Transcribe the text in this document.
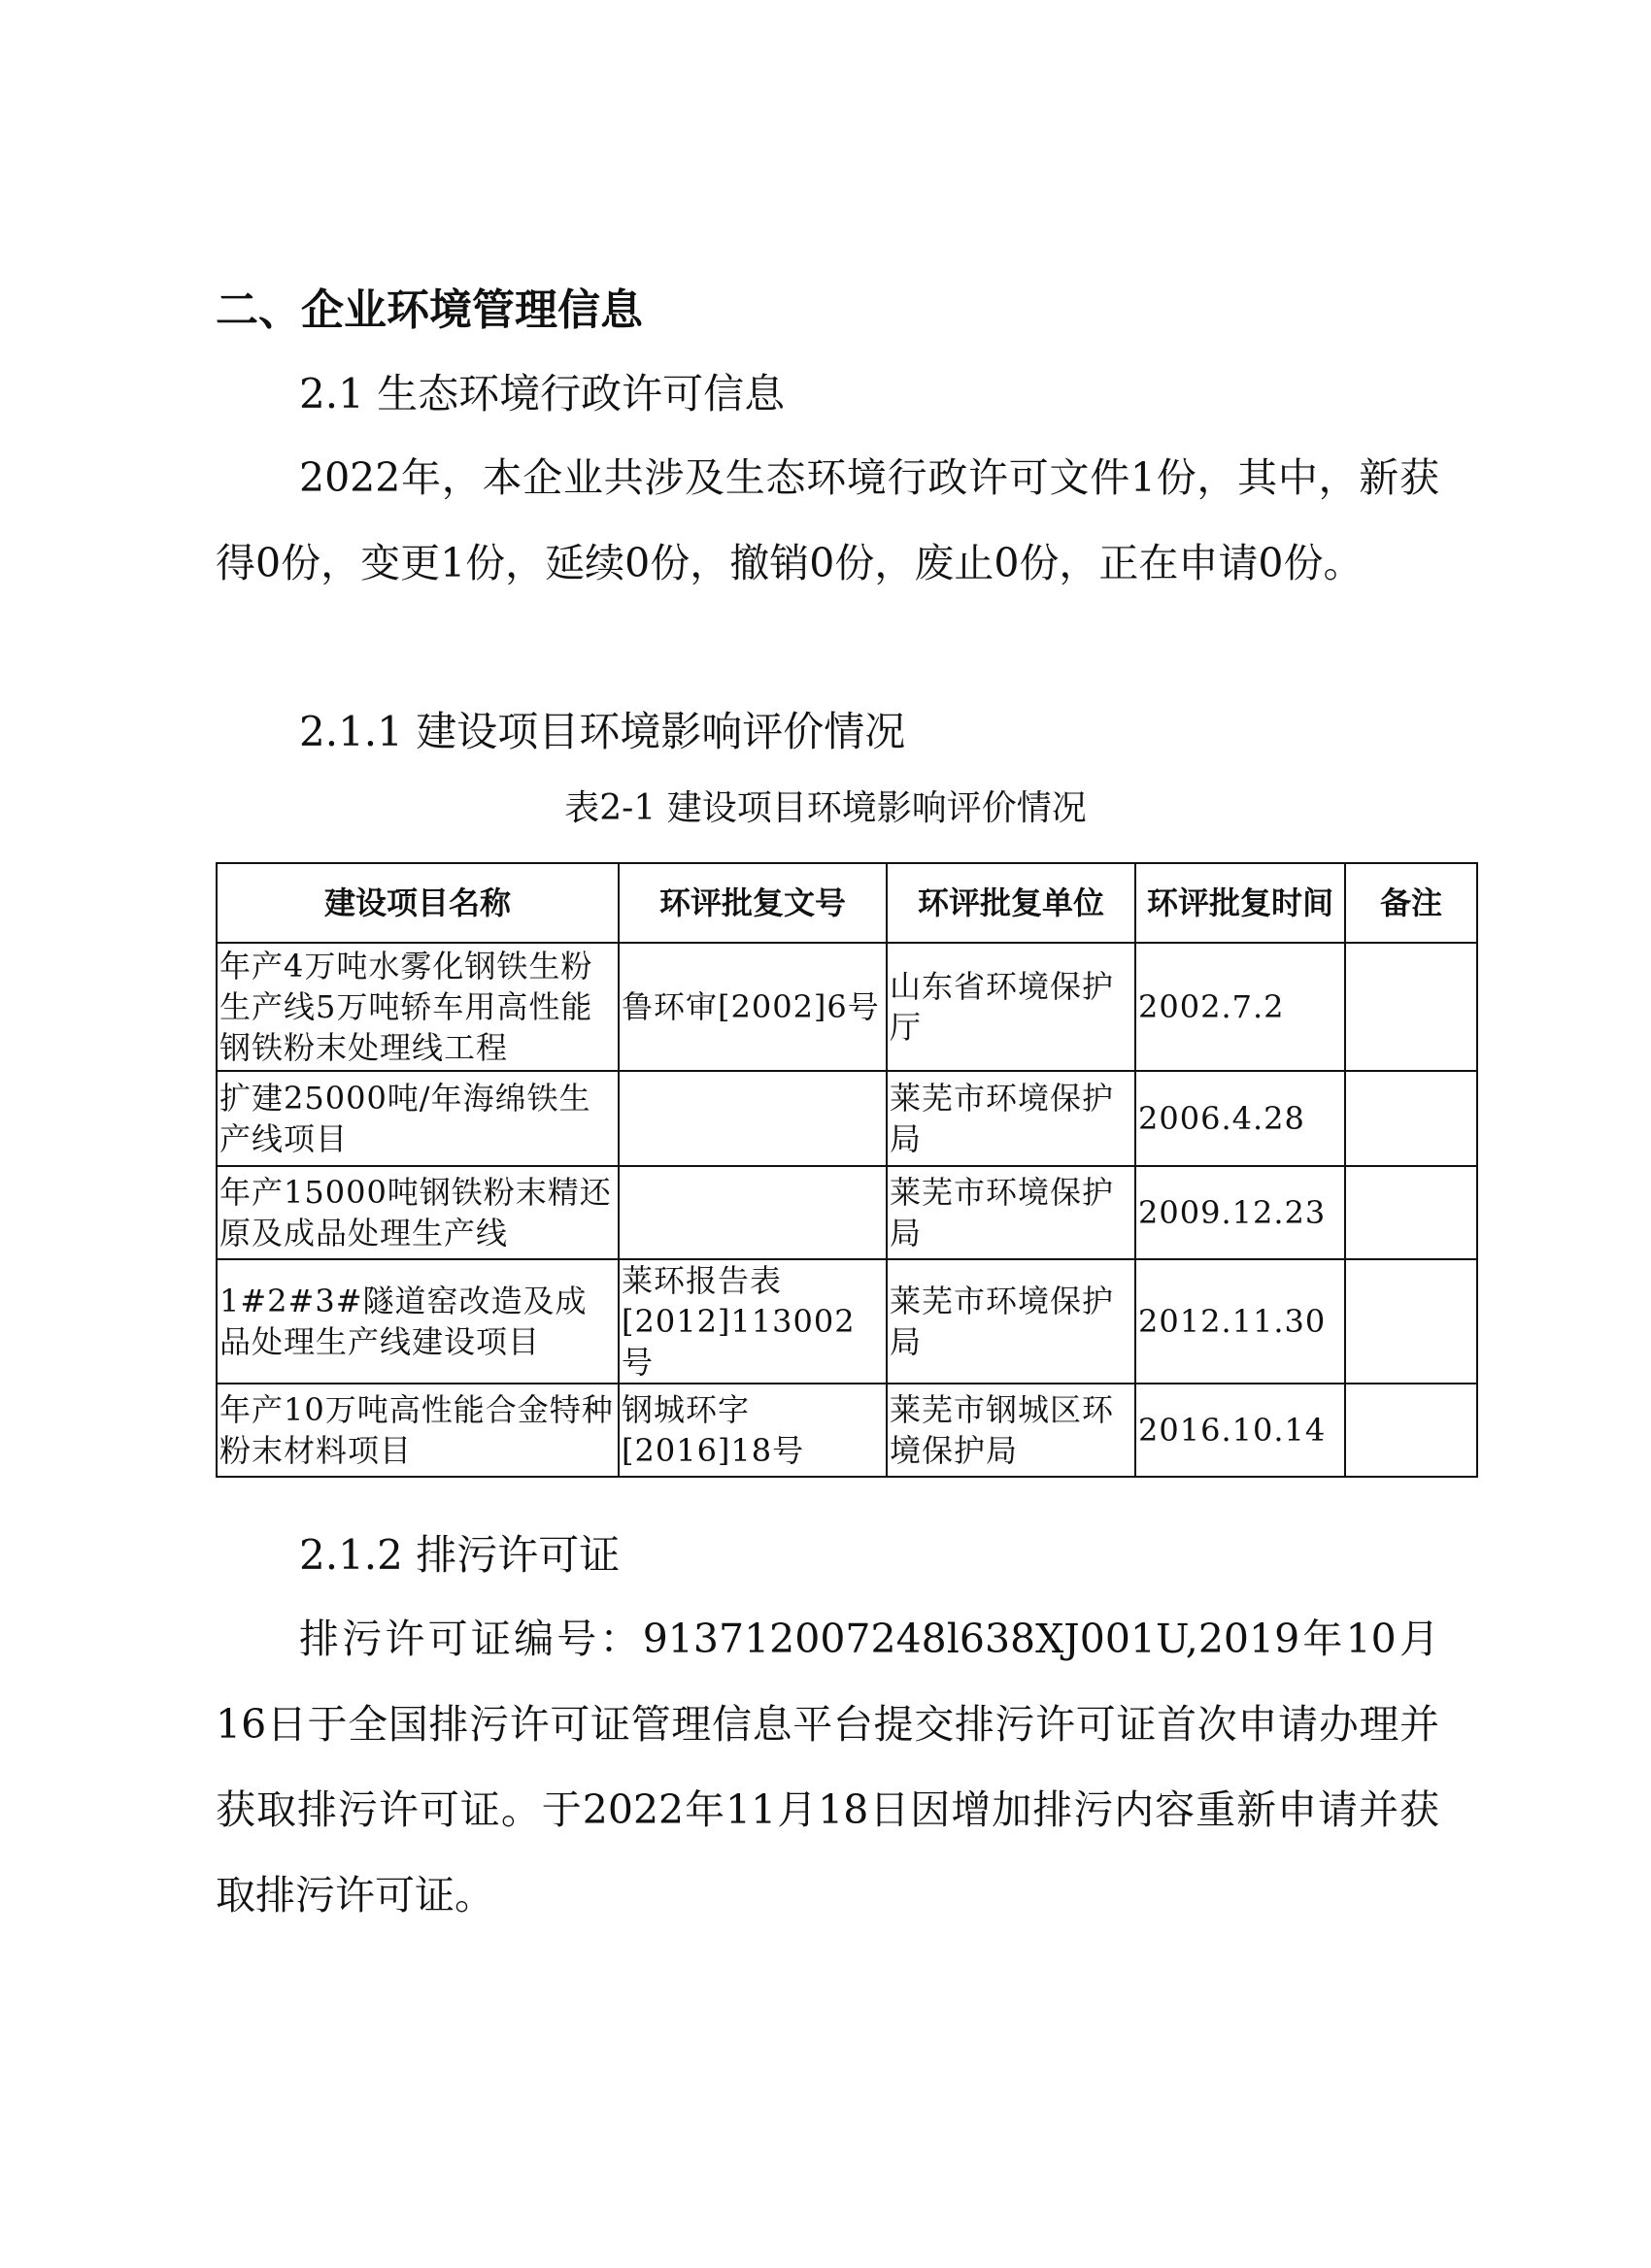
二、企业环境管理信息
2.1 生态环境行政许可信息

2022年，本企业共涉及生态环境行政许可文件1份，其中，新获得0份，变更1份，延续0份，撤销0份，废止0份，正在申请0份。

2.1.1 建设项目环境影响评价情况
表2-1 建设项目环境影响评价情况
建设项目名称	环评批复文号	环评批复单位	环评批复时间	备注
年产4万吨水雾化钢铁生粉生产线5万吨轿车用高性能钢铁粉末处理线工程	鲁环审[2002]6号	山东省环境保护厅	2002.7.2	
扩建25000吨/年海绵铁生产线项目		莱芜市环境保护局	2006.4.28	
年产15000吨钢铁粉末精还原及成品处理生产线		莱芜市环境保护局	2009.12.23	
1#2#3#隧道窑改造及成品处理生产线建设项目	莱环报告表[2012]113002号	莱芜市环境保护局	2012.11.30	
年产10万吨高性能合金特种粉末材料项目	钢城环字[2016]18号	莱芜市钢城区环境保护局	2016.10.14	
2.1.2 排污许可证

排污许可证编号：913712007248l638XJ001U,2019年10月16日于全国排污许可证管理信息平台提交排污许可证首次申请办理并获取排污许可证。于2022年11月18日因增加排污内容重新申请并获取排污许可证。
